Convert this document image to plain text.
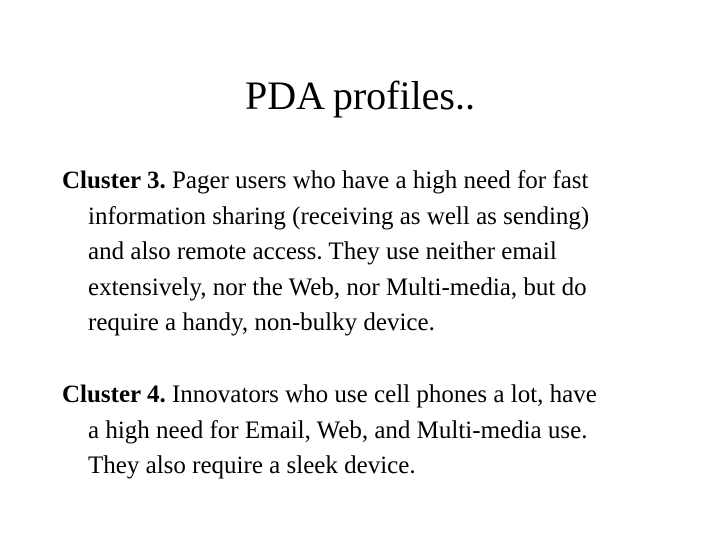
PDA profiles..

Cluster 3. Pager users who have a high need for fast
information sharing (receiving as well as sending)
and also remote access. They use neither email
extensively, nor the Web, nor Multi-media, but do
require a handy, non-bulky device.

Cluster 4. Innovators who use cell phones a lot, have
a high need for Email, Web, and Multi-media use.
They also require a sleek device.
